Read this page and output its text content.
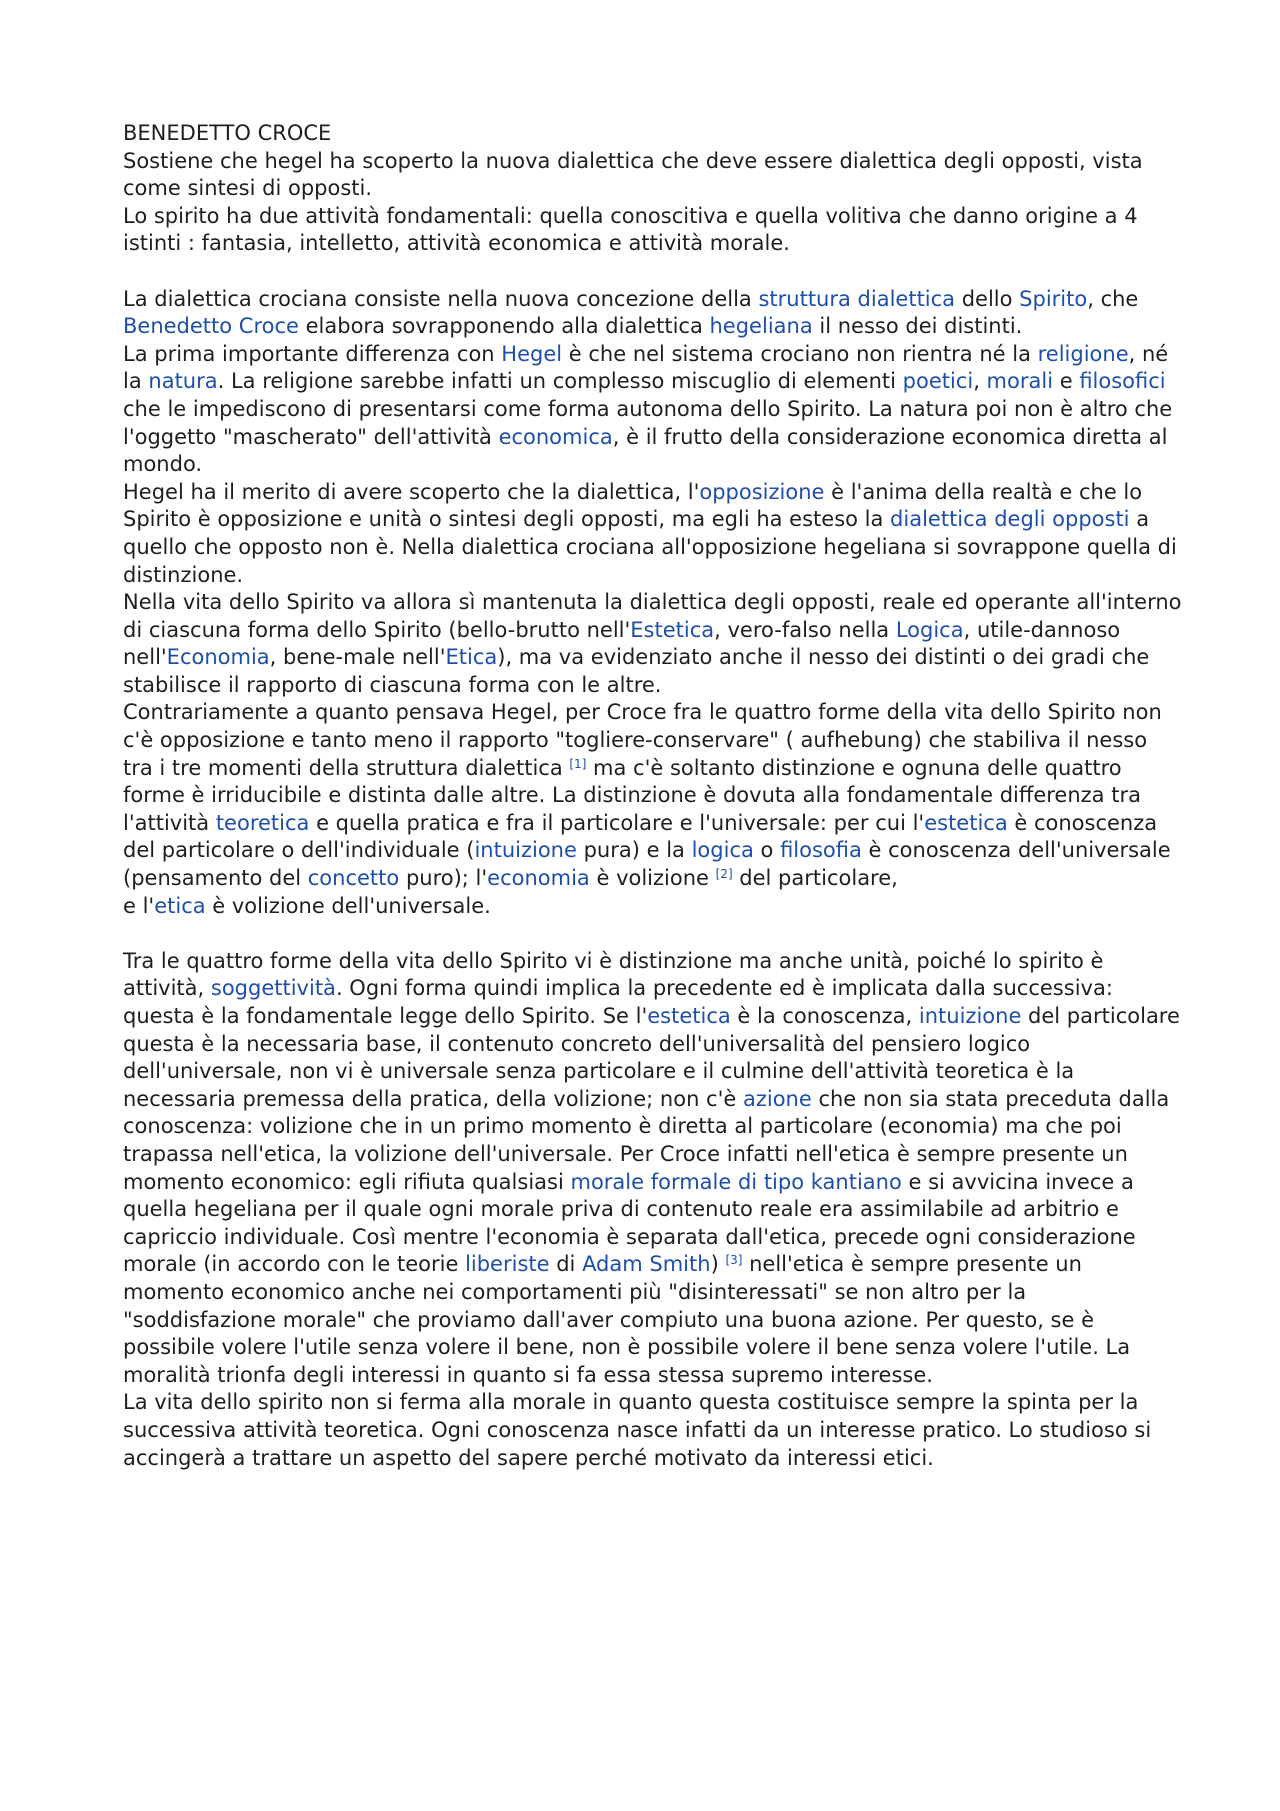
BENEDETTO CROCE

Sostiene che hegel ha scoperto la nuova dialettica che deve essere dialettica degli opposti, vista come sintesi di opposti.

Lo spirito ha due attività fondamentali: quella conoscitiva e quella volitiva che danno origine a 4 istinti : fantasia, intelletto, attività economica e attività morale.

La dialettica crociana consiste nella nuova concezione della struttura dialettica dello Spirito, che Benedetto Croce elabora sovrapponendo alla dialettica hegeliana il nesso dei distinti.

La prima importante differenza con Hegel è che nel sistema crociano non rientra né la religione, né la natura. La religione sarebbe infatti un complesso miscuglio di elementi poetici, morali e filosofici che le impediscono di presentarsi come forma autonoma dello Spirito. La natura poi non è altro che l'oggetto "mascherato" dell'attività economica, è il frutto della considerazione economica diretta al mondo.

Hegel ha il merito di avere scoperto che la dialettica, l'opposizione è l'anima della realtà e che lo Spirito è opposizione e unità o sintesi degli opposti, ma egli ha esteso la dialettica degli opposti a quello che opposto non è. Nella dialettica crociana all'opposizione hegeliana si sovrappone quella di distinzione.

Nella vita dello Spirito va allora sì mantenuta la dialettica degli opposti, reale ed operante all'interno di ciascuna forma dello Spirito (bello-brutto nell'Estetica, vero-falso nella Logica, utile-dannoso nell'Economia, bene-male nell'Etica), ma va evidenziato anche il nesso dei distinti o dei gradi che stabilisce il rapporto di ciascuna forma con le altre.

Contrariamente a quanto pensava Hegel, per Croce fra le quattro forme della vita dello Spirito non c'è opposizione e tanto meno il rapporto "togliere-conservare" ( aufhebung) che stabiliva il nesso tra i tre momenti della struttura dialettica [1] ma c'è soltanto distinzione e ognuna delle quattro forme è irriducibile e distinta dalle altre. La distinzione è dovuta alla fondamentale differenza tra l'attività teoretica e quella pratica e fra il particolare e l'universale: per cui l'estetica è conoscenza del particolare o dell'individuale (intuizione pura) e la logica o filosofia è conoscenza dell'universale (pensamento del concetto puro); l'economia è volizione [2] del particolare,
e l'etica è volizione dell'universale.

Tra le quattro forme della vita dello Spirito vi è distinzione ma anche unità, poiché lo spirito è attività, soggettività. Ogni forma quindi implica la precedente ed è implicata dalla successiva: questa è la fondamentale legge dello Spirito. Se l'estetica è la conoscenza, intuizione del particolare questa è la necessaria base, il contenuto concreto dell'universalità del pensiero logico dell'universale, non vi è universale senza particolare e il culmine dell'attività teoretica è la necessaria premessa della pratica, della volizione; non c'è azione che non sia stata preceduta dalla conoscenza: volizione che in un primo momento è diretta al particolare (economia) ma che poi trapassa nell'etica, la volizione dell'universale. Per Croce infatti nell'etica è sempre presente un momento economico: egli rifiuta qualsiasi morale formale di tipo kantiano e si avvicina invece a quella hegeliana per il quale ogni morale priva di contenuto reale era assimilabile ad arbitrio e capriccio individuale. Così mentre l'economia è separata dall'etica, precede ogni considerazione morale (in accordo con le teorie liberiste di Adam Smith) [3] nell'etica è sempre presente un momento economico anche nei comportamenti più "disinteressati" se non altro per la "soddisfazione morale" che proviamo dall'aver compiuto una buona azione. Per questo, se è possibile volere l'utile senza volere il bene, non è possibile volere il bene senza volere l'utile. La moralità trionfa degli interessi in quanto si fa essa stessa supremo interesse.

La vita dello spirito non si ferma alla morale in quanto questa costituisce sempre la spinta per la successiva attività teoretica. Ogni conoscenza nasce infatti da un interesse pratico. Lo studioso si accingerà a trattare un aspetto del sapere perché motivato da interessi etici.
